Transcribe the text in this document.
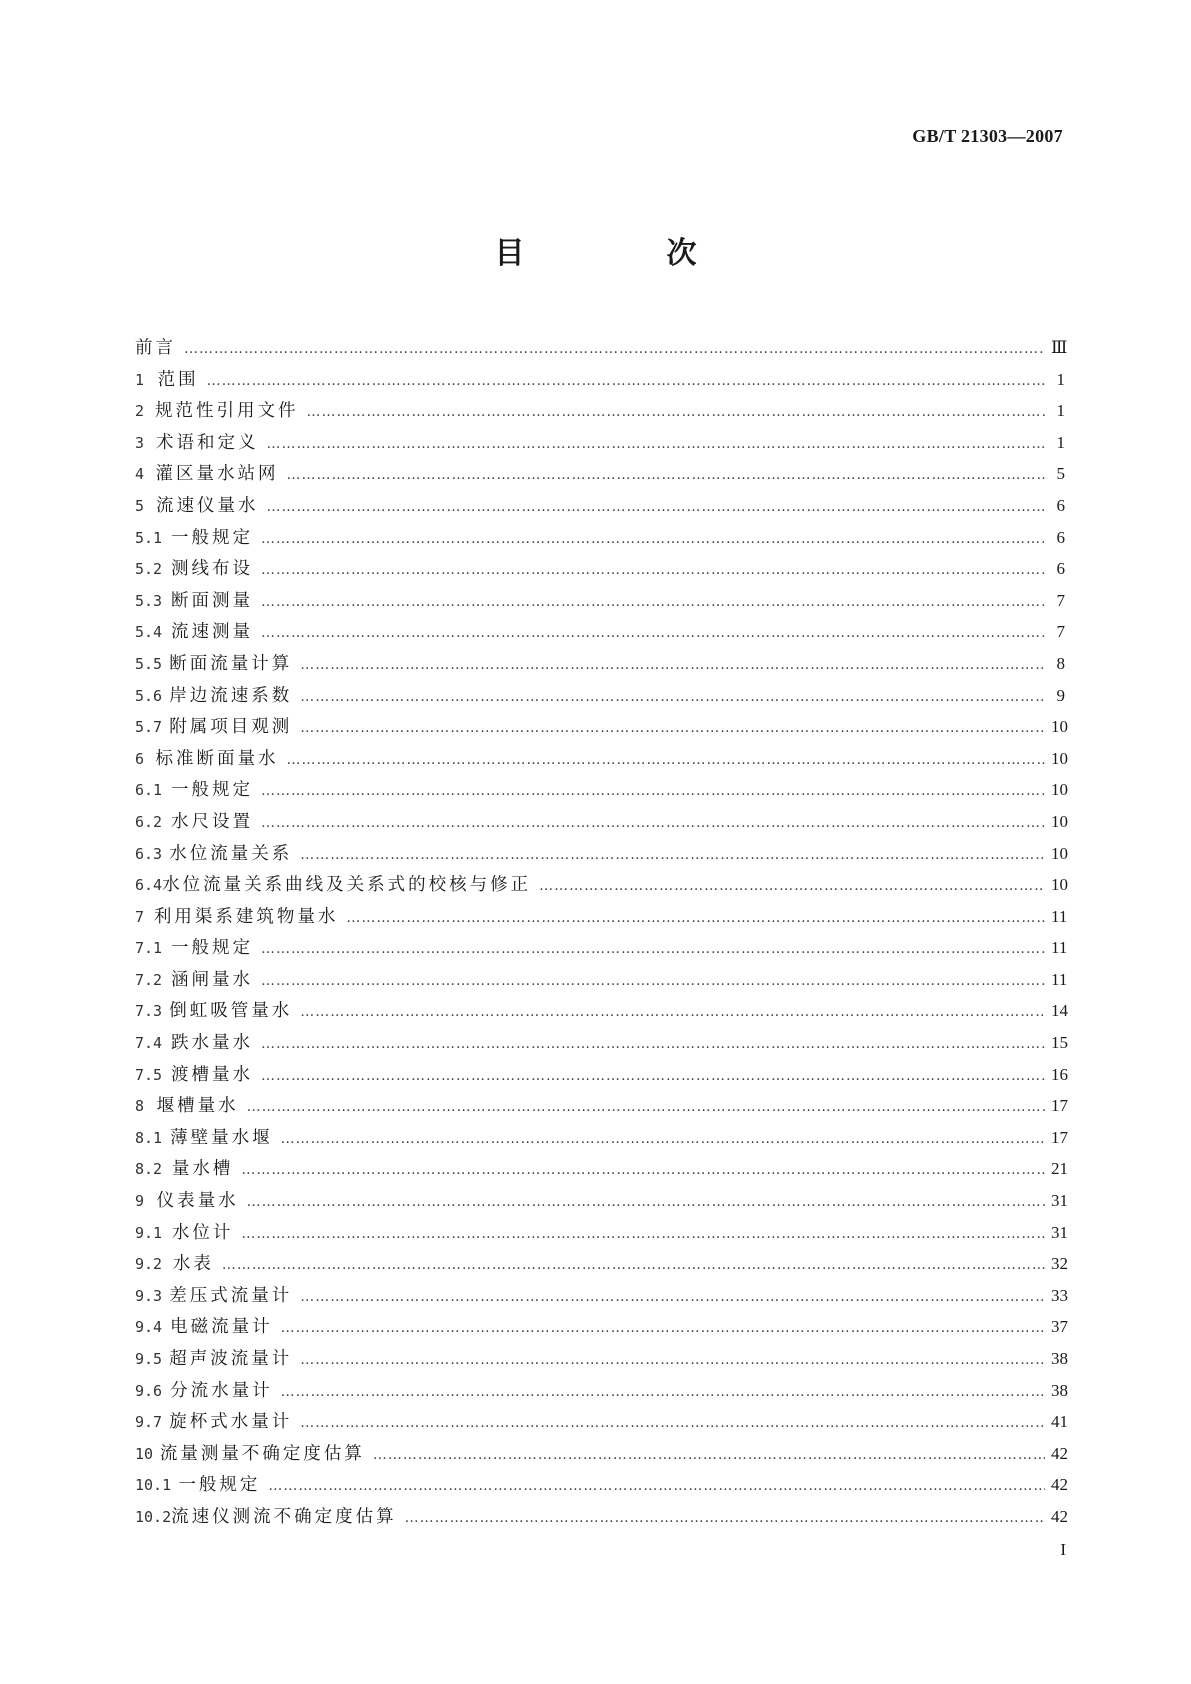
GB/T 21303—2007
目　次
前言 ……………………………………………………………………………………………………………………………………………………………………………………………………	Ⅲ
1 范围 ……………………………………………………………………………………………………………………………………………………………………………………………………	1
2 规范性引用文件 ……………………………………………………………………………………………………………………………………………………………………………………………………	1
3 术语和定义 ……………………………………………………………………………………………………………………………………………………………………………………………………	1
4 灌区量水站网 ……………………………………………………………………………………………………………………………………………………………………………………………………	5
5 流速仪量水 ……………………………………………………………………………………………………………………………………………………………………………………………………	6
5.1 一般规定 ……………………………………………………………………………………………………………………………………………………………………………………………………	6
5.2 测线布设 ……………………………………………………………………………………………………………………………………………………………………………………………………	6
5.3 断面测量 ……………………………………………………………………………………………………………………………………………………………………………………………………	7
5.4 流速测量 ……………………………………………………………………………………………………………………………………………………………………………………………………	7
5.5 断面流量计算 ……………………………………………………………………………………………………………………………………………………………………………………………………	8
5.6 岸边流速系数 ……………………………………………………………………………………………………………………………………………………………………………………………………	9
5.7 附属项目观测 ……………………………………………………………………………………………………………………………………………………………………………………………………	10
6 标准断面量水 ……………………………………………………………………………………………………………………………………………………………………………………………………	10
6.1 一般规定 ……………………………………………………………………………………………………………………………………………………………………………………………………	10
6.2 水尺设置 ……………………………………………………………………………………………………………………………………………………………………………………………………	10
6.3 水位流量关系 ……………………………………………………………………………………………………………………………………………………………………………………………………	10
6.4 水位流量关系曲线及关系式的校核与修正 ……………………………………………………………………………………………………………………………………………………………………………………………………	10
7 利用渠系建筑物量水 ……………………………………………………………………………………………………………………………………………………………………………………………………	11
7.1 一般规定 ……………………………………………………………………………………………………………………………………………………………………………………………………	11
7.2 涵闸量水 ……………………………………………………………………………………………………………………………………………………………………………………………………	11
7.3 倒虹吸管量水 ……………………………………………………………………………………………………………………………………………………………………………………………………	14
7.4 跌水量水 ……………………………………………………………………………………………………………………………………………………………………………………………………	15
7.5 渡槽量水 ……………………………………………………………………………………………………………………………………………………………………………………………………	16
8 堰槽量水 ……………………………………………………………………………………………………………………………………………………………………………………………………	17
8.1 薄壁量水堰 ……………………………………………………………………………………………………………………………………………………………………………………………………	17
8.2 量水槽 ……………………………………………………………………………………………………………………………………………………………………………………………………	21
9 仪表量水 ……………………………………………………………………………………………………………………………………………………………………………………………………	31
9.1 水位计 ……………………………………………………………………………………………………………………………………………………………………………………………………	31
9.2 水表 ……………………………………………………………………………………………………………………………………………………………………………………………………	32
9.3 差压式流量计 ……………………………………………………………………………………………………………………………………………………………………………………………………	33
9.4 电磁流量计 ……………………………………………………………………………………………………………………………………………………………………………………………………	37
9.5 超声波流量计 ……………………………………………………………………………………………………………………………………………………………………………………………………	38
9.6 分流水量计 ……………………………………………………………………………………………………………………………………………………………………………………………………	38
9.7 旋杯式水量计 ……………………………………………………………………………………………………………………………………………………………………………………………………	41
10 流量测量不确定度估算 ……………………………………………………………………………………………………………………………………………………………………………………………………	42
10.1 一般规定 ……………………………………………………………………………………………………………………………………………………………………………………………………	42
10.2 流速仪测流不确定度估算 ……………………………………………………………………………………………………………………………………………………………………………………………………	42
I
